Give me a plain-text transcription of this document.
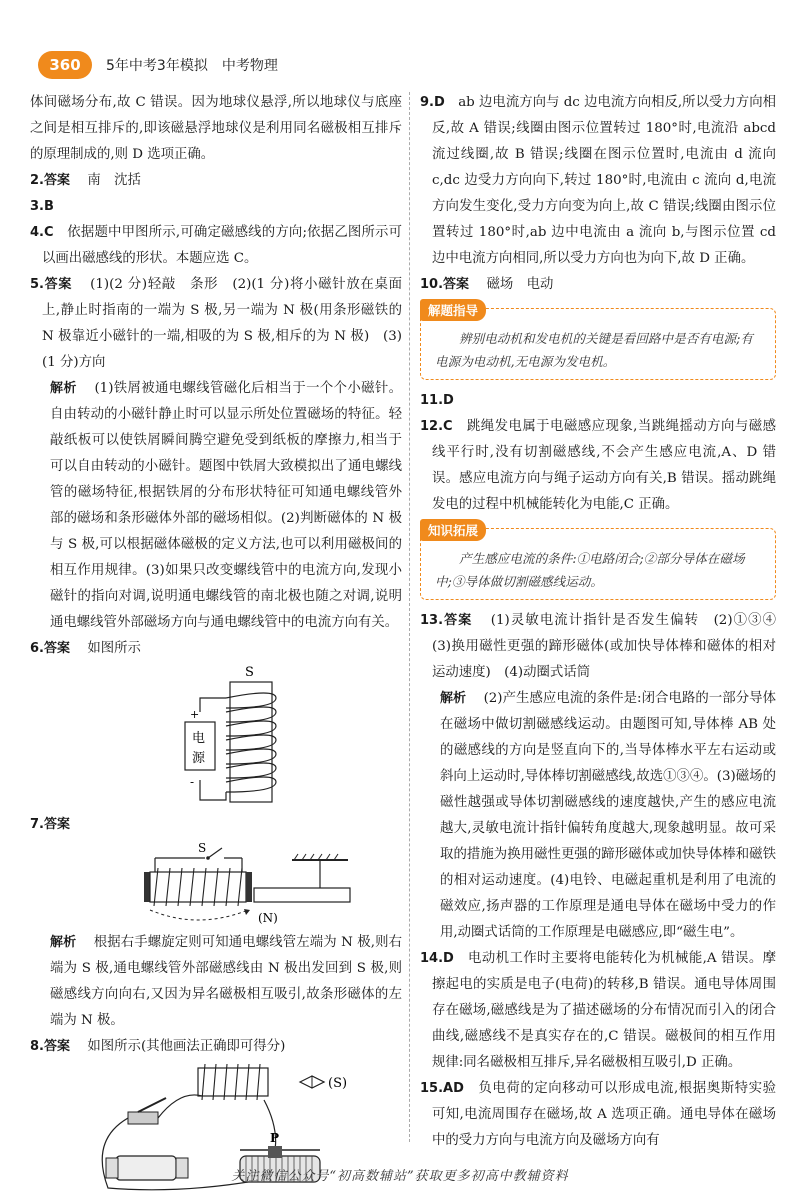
360	5年中考3年模拟　中考物理

体间磁场分布,故 C 错误。因为地球仪悬浮,所以地球仪与底座之间是相互排斥的,即该磁悬浮地球仪是利用同名磁极相互排斥的原理制成的,则 D 选项正确。

2.答案　 南　沈括

3.B

4.C　 依据题中甲图所示,可确定磁感线的方向;依据乙图所示可以画出磁感线的形状。本题应选 C。

5.答案　 (1)(2 分)轻敲　条形　(2)(1 分)将小磁针放在桌面上,静止时指南的一端为 S 极,另一端为 N 极(用条形磁铁的 N 极靠近小磁针的一端,相吸的为 S 极,相斥的为 N 极)　(3)(1 分)方向

解析　 (1)铁屑被通电螺线管磁化后相当于一个个小磁针。自由转动的小磁针静止时可以显示所处位置磁场的特征。轻敲纸板可以使铁屑瞬间腾空避免受到纸板的摩擦力,相当于可以自由转动的小磁针。题图中铁屑大致模拟出了通电螺线管的磁场特征,根据铁屑的分布形状特征可知通电螺线管外部的磁场和条形磁体外部的磁场相似。(2)判断磁体的 N 极与 S 极,可以根据磁体磁极的定义方法,也可以利用磁极间的相互作用规律。(3)如果只改变螺线管中的电流方向,发现小磁针的指向对调,说明通电螺线管的南北极也随之对调,说明通电螺线管外部磁场方向与通电螺线管中的电流方向有关。

6.答案　 如图所示

S
+
-
电
源

7.答案

S
(N)

解析　 根据右手螺旋定则可知通电螺线管左端为 N 极,则右端为 S 极,通电螺线管外部磁感线由 N 极出发回到 S 极,则磁感线方向向右,又因为异名磁极相互吸引,故条形磁体的左端为 N 极。

8.答案　 如图所示(其他画法正确即可得分)

(S)
P

9.D　 ab 边电流方向与 dc 边电流方向相反,所以受力方向相反,故 A 错误;线圈由图示位置转过 180°时,电流沿 abcd 流过线圈,故 B 错误;线圈在图示位置时,电流由 d 流向 c,dc 边受力方向向下,转过 180°时,电流由 c 流向 d,电流方向发生变化,受力方向变为向上,故 C 错误;线圈由图示位置转过 180°时,ab 边中电流由 a 流向 b,与图示位置 cd 边中电流方向相同,所以受力方向也为向下,故 D 正确。

10.答案　 磁场　电动

解题指导

辨别电动机和发电机的关键是看回路中是否有电源;有电源为电动机,无电源为发电机。

11.D

12.C　 跳绳发电属于电磁感应现象,当跳绳摇动方向与磁感线平行时,没有切割磁感线,不会产生感应电流,A、D 错误。感应电流方向与绳子运动方向有关,B 错误。摇动跳绳发电的过程中机械能转化为电能,C 正确。

知识拓展

产生感应电流的条件:①电路闭合;②部分导体在磁场中;③导体做切割磁感线运动。

13.答案　 (1)灵敏电流计指针是否发生偏转　(2)①③④　(3)换用磁性更强的蹄形磁体(或加快导体棒和磁体的相对运动速度)　(4)动圈式话筒

解析　 (2)产生感应电流的条件是:闭合电路的一部分导体在磁场中做切割磁感线运动。由题图可知,导体棒 AB 处的磁感线的方向是竖直向下的,当导体棒水平左右运动或斜向上运动时,导体棒切割磁感线,故选①③④。(3)磁场的磁性越强或导体切割磁感线的速度越快,产生的感应电流越大,灵敏电流计指针偏转角度越大,现象越明显。故可采取的措施为换用磁性更强的蹄形磁体或加快导体棒和磁铁的相对运动速度。(4)电铃、电磁起重机是利用了电流的磁效应,扬声器的工作原理是通电导体在磁场中受力的作用,动圈式话筒的工作原理是电磁感应,即“磁生电”。

14.D　 电动机工作时主要将电能转化为机械能,A 错误。摩擦起电的实质是电子(电荷)的转移,B 错误。通电导体周围存在磁场,磁感线是为了描述磁场的分布情况而引入的闭合曲线,磁感线不是真实存在的,C 错误。磁极间的相互作用规律:同名磁极相互排斥,异名磁极相互吸引,D 正确。

15.AD　 负电荷的定向移动可以形成电流,根据奥斯特实验可知,电流周围存在磁场,故 A 选项正确。通电导体在磁场中的受力方向与电流方向及磁场方向有

关注微信公众号“初高数辅站”获取更多初高中教辅资料
